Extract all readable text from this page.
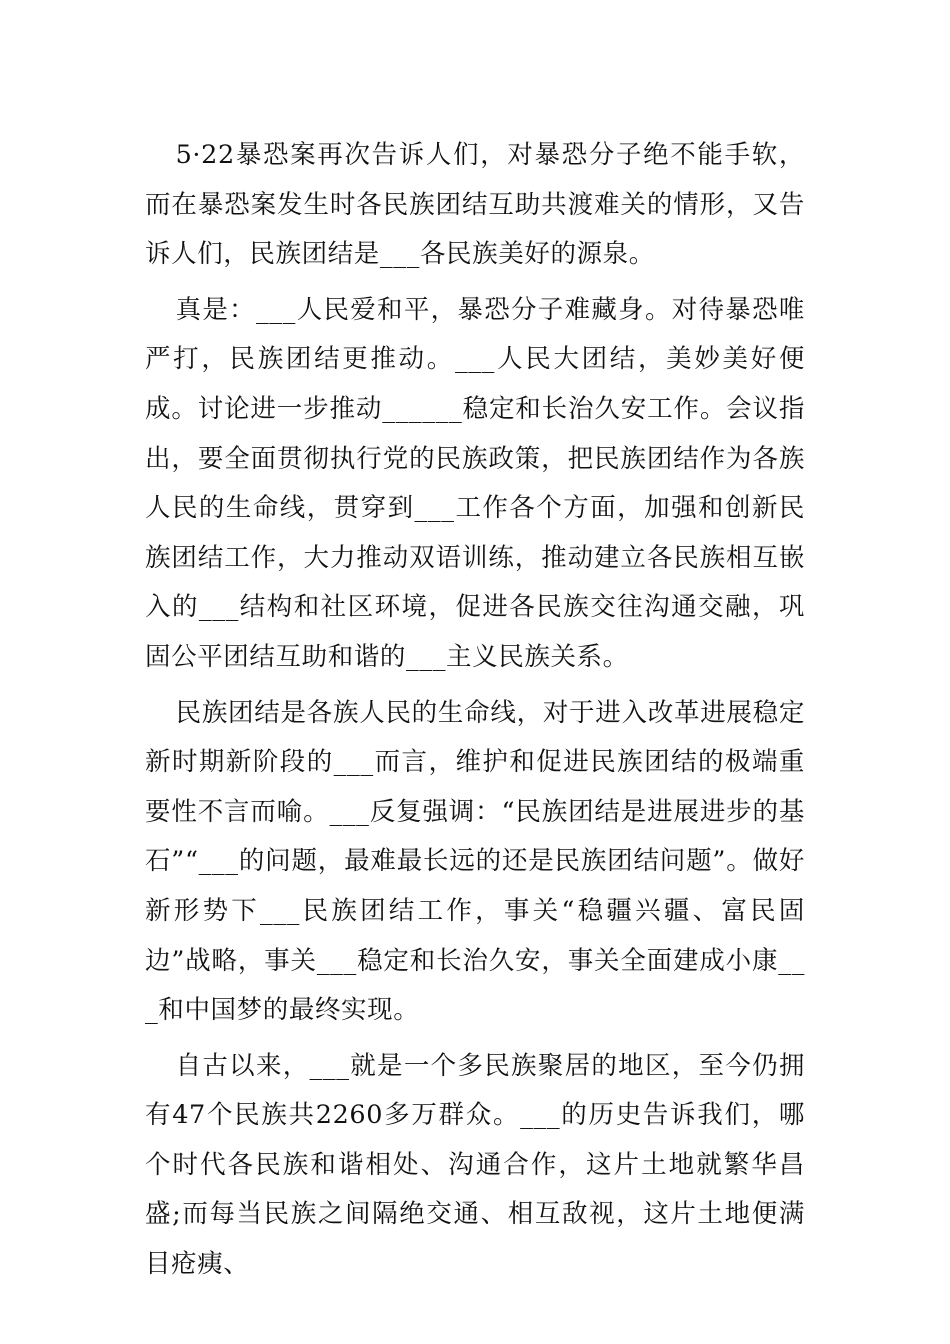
5·22暴恐案再次告诉人们，对暴恐分子绝不能手软，而在暴恐案发生时各民族团结互助共渡难关的情形，又告诉人们，民族团结是___各民族美好的源泉。

真是：___人民爱和平，暴恐分子难藏身。对待暴恐唯严打，民族团结更推动。___人民大团结，美妙美好便成。讨论进一步推动______稳定和长治久安工作。会议指出，要全面贯彻执行党的民族政策，把民族团结作为各族人民的生命线，贯穿到___工作各个方面，加强和创新民族团结工作，大力推动双语训练，推动建立各民族相互嵌入的___结构和社区环境，促进各民族交往沟通交融，巩固公平团结互助和谐的___主义民族关系。

民族团结是各族人民的生命线，对于进入改革进展稳定新时期新阶段的___而言，维护和促进民族团结的极端重要性不言而喻。___反复强调：“民族团结是进展进步的基石”“___的问题，最难最长远的还是民族团结问题”。做好新形势下___民族团结工作，事关“稳疆兴疆、富民固边”战略，事关___稳定和长治久安，事关全面建成小康___和中国梦的最终实现。

自古以来，___就是一个多民族聚居的地区，至今仍拥有47个民族共2260多万群众。___的历史告诉我们，哪个时代各民族和谐相处、沟通合作，这片土地就繁华昌盛;而每当民族之间隔绝交通、相互敌视，这片土地便满目疮痍、
